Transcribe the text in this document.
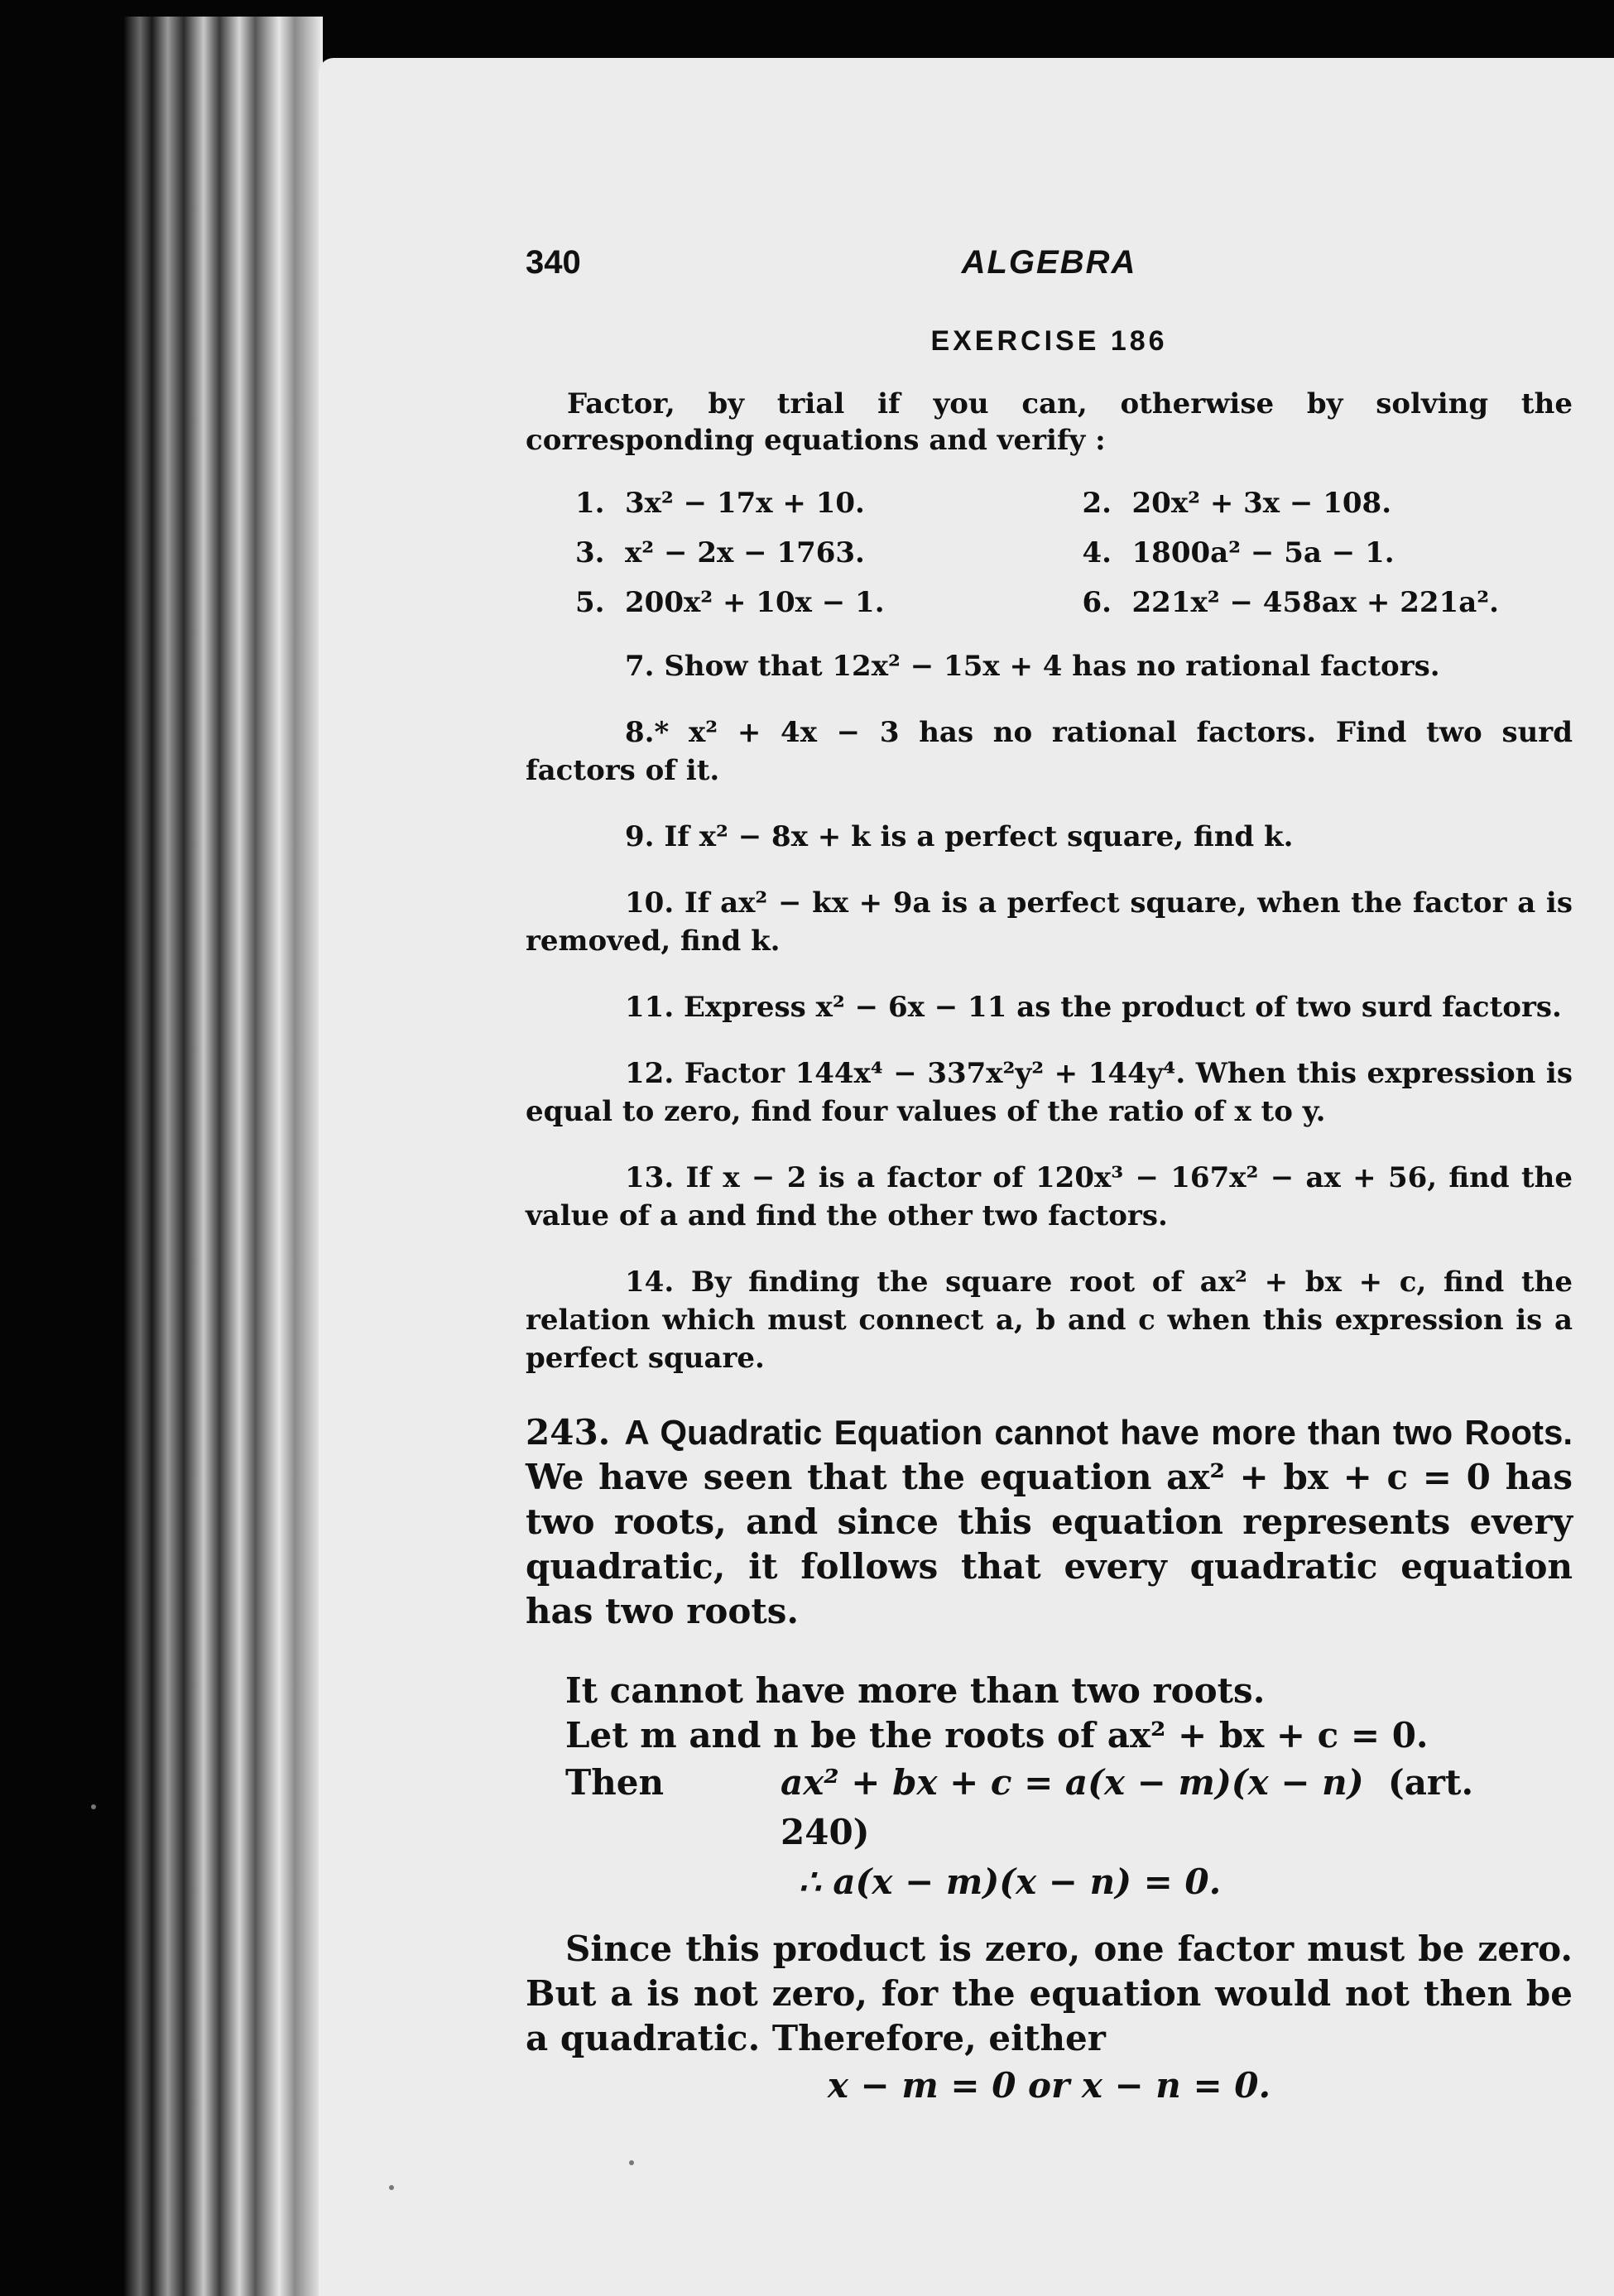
340	ALGEBRA
EXERCISE 186

Factor, by trial if you can, otherwise by solving the corresponding equations and verify :

1. 3x² − 17x + 10.	2. 20x² + 3x − 108.
3. x² − 2x − 1763.	4. 1800a² − 5a − 1.
5. 200x² + 10x − 1.	6. 221x² − 458ax + 221a².

7. Show that 12x² − 15x + 4 has no rational factors.

8.* x² + 4x − 3 has no rational factors. Find two surd factors of it.

9. If x² − 8x + k is a perfect square, find k.

10. If ax² − kx + 9a is a perfect square, when the factor a is removed, find k.

11. Express x² − 6x − 11 as the product of two surd factors.

12. Factor 144x⁴ − 337x²y² + 144y⁴. When this expression is equal to zero, find four values of the ratio of x to y.

13. If x − 2 is a factor of 120x³ − 167x² − ax + 56, find the value of a and find the other two factors.

14. By finding the square root of ax² + bx + c, find the relation which must connect a, b and c when this expression is a perfect square.

243. A Quadratic Equation cannot have more than two Roots. We have seen that the equation ax² + bx + c = 0 has two roots, and since this equation represents every quadratic, it follows that every quadratic equation has two roots.

It cannot have more than two roots.

Let m and n be the roots of ax² + bx + c = 0.

Then	ax² + bx + c = a(x − m)(x − n) (art. 240)
∴ a(x − m)(x − n) = 0.

Since this product is zero, one factor must be zero. But a is not zero, for the equation would not then be a quadratic. Therefore, either

x − m = 0 or x − n = 0.
